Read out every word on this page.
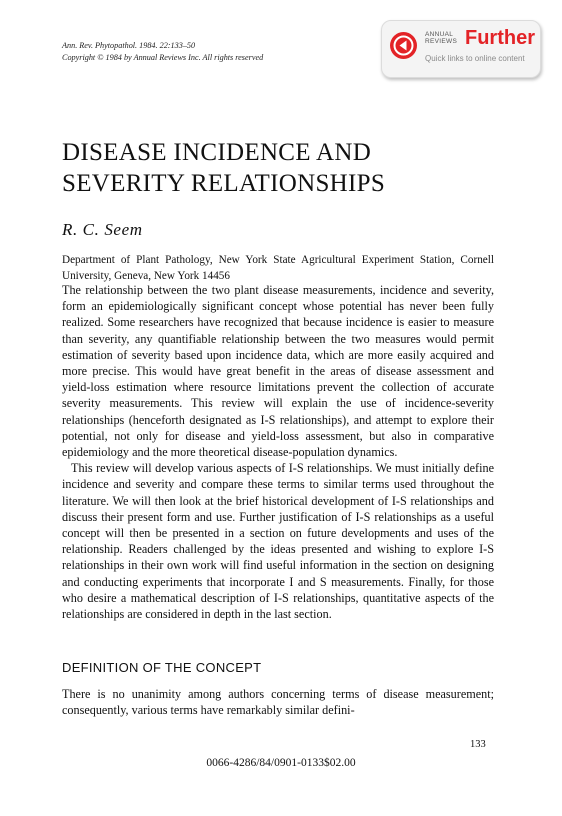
Ann. Rev. Phytopathol. 1984. 22:133–50
Copyright © 1984 by Annual Reviews Inc. All rights reserved
ANNUAL
REVIEWS Further
Quick links to online content
DISEASE INCIDENCE AND
SEVERITY RELATIONSHIPS
R. C. Seem
Department of Plant Pathology, New York State Agricultural Experiment Station, Cornell University, Geneva, New York 14456

The relationship between the two plant disease measurements, incidence and severity, form an epidemiologically significant concept whose potential has never been fully realized. Some researchers have recognized that because incidence is easier to measure than severity, any quantifiable relationship between the two measures would permit estimation of severity based upon incidence data, which are more easily acquired and more precise. This would have great benefit in the areas of disease assessment and yield-loss estimation where resource limitations prevent the collection of accurate severity measurements. This review will explain the use of incidence-severity relationships (henceforth designated as I-S relationships), and attempt to explore their potential, not only for disease and yield-loss assessment, but also in comparative epidemiology and the more theoretical disease-population dynamics.

This review will develop various aspects of I-S relationships. We must initially define incidence and severity and compare these terms to similar terms used throughout the literature. We will then look at the brief historical development of I-S relationships and discuss their present form and use. Further justification of I-S relationships as a useful concept will then be presented in a section on future developments and uses of the relationship. Readers challenged by the ideas presented and wishing to explore I-S relationships in their own work will find useful information in the section on designing and conducting experiments that incorporate I and S measurements. Finally, for those who desire a mathematical description of I-S relationships, quantitative aspects of the relationships are considered in depth in the last section.

DEFINITION OF THE CONCEPT

There is no unanimity among authors concerning terms of disease measurement; consequently, various terms have remarkably similar defini-

133
0066-4286/84/0901-0133$02.00
